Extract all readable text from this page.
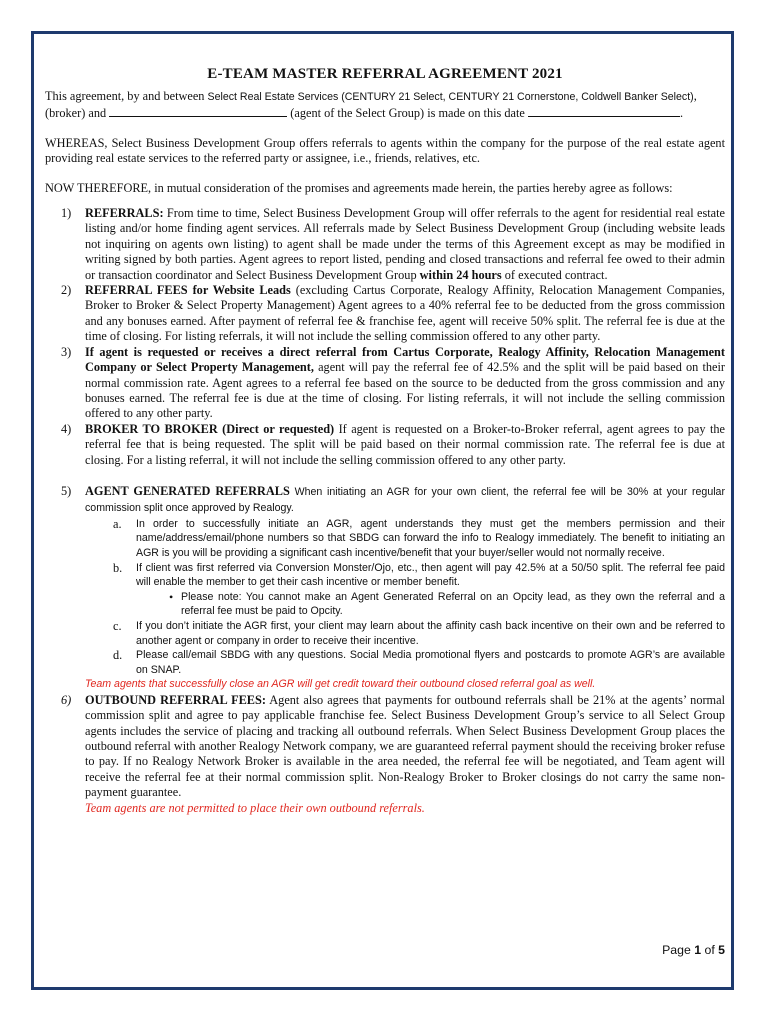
E-TEAM MASTER REFERRAL AGREEMENT 2021

This agreement, by and between Select Real Estate Services (CENTURY 21 Select, CENTURY 21 Cornerstone, Coldwell Banker Select),
(broker) and	(agent of the Select Group) is made on this date	.

WHEREAS, Select Business Development Group offers referrals to agents within the company for the purpose of the real estate agent providing real estate services to the referred party or assignee, i.e., friends, relatives, etc.

NOW THEREFORE, in mutual consideration of the promises and agreements made herein, the parties hereby agree as follows:

1) REFERRALS: From time to time, Select Business Development Group will offer referrals to the agent for residential real estate listing and/or home finding agent services. All referrals made by Select Business Development Group (including website leads not inquiring on agents own listing) to agent shall be made under the terms of this Agreement except as may be modified in writing signed by both parties. Agent agrees to report listed, pending and closed transactions and referral fee owed to their admin or transaction coordinator and Select Business Development Group within 24 hours of executed contract.

2) REFERRAL FEES for Website Leads (excluding Cartus Corporate, Realogy Affinity, Relocation Management Companies, Broker to Broker & Select Property Management) Agent agrees to a 40% referral fee to be deducted from the gross commission and any bonuses earned. After payment of referral fee & franchise fee, agent will receive 50% split. The referral fee is due at the time of closing. For listing referrals, it will not include the selling commission offered to any other party.

3) If agent is requested or receives a direct referral from Cartus Corporate, Realogy Affinity, Relocation Management Company or Select Property Management, agent will pay the referral fee of 42.5% and the split will be paid based on their normal commission rate. Agent agrees to a referral fee based on the source to be deducted from the gross commission and any bonuses earned. The referral fee is due at the time of closing. For listing referrals, it will not include the selling commission offered to any other party.

4) BROKER TO BROKER (Direct or requested) If agent is requested on a Broker-to-Broker referral, agent agrees to pay the referral fee that is being requested. The split will be paid based on their normal commission rate. The referral fee is due at closing. For a listing referral, it will not include the selling commission offered to any other party.

5) AGENT GENERATED REFERRALS When initiating an AGR for your own client, the referral fee will be 30% at your regular commission split once approved by Realogy.

a. In order to successfully initiate an AGR, agent understands they must get the members permission and their name/address/email/phone numbers so that SBDG can forward the info to Realogy immediately. The benefit to initiating an AGR is you will be providing a significant cash incentive/benefit that your buyer/seller would not normally receive.

b. If client was first referred via Conversion Monster/Ojo, etc., then agent will pay 42.5% at a 50/50 split. The referral fee paid will enable the member to get their cash incentive or member benefit.

• Please note: You cannot make an Agent Generated Referral on an Opcity lead, as they own the referral and a referral fee must be paid to Opcity.

c. If you don’t initiate the AGR first, your client may learn about the affinity cash back incentive on their own and be referred to another agent or company in order to receive their incentive.

d. Please call/email SBDG with any questions. Social Media promotional flyers and postcards to promote AGR’s are available on SNAP.

Team agents that successfully close an AGR will get credit toward their outbound closed referral goal as well.

6) OUTBOUND REFERRAL FEES: Agent also agrees that payments for outbound referrals shall be 21% at the agents’ normal commission split and agree to pay applicable franchise fee. Select Business Development Group’s service to all Select Group agents includes the service of placing and tracking all outbound referrals. When Select Business Development Group places the outbound referral with another Realogy Network company, we are guaranteed referral payment should the receiving broker refuse to pay. If no Realogy Network Broker is available in the area needed, the referral fee will be negotiated, and Team agent will receive the referral fee at their normal commission split. Non-Realogy Broker to Broker closings do not carry the same non-payment guarantee.

Team agents are not permitted to place their own outbound referrals.

Page 1 of 5
